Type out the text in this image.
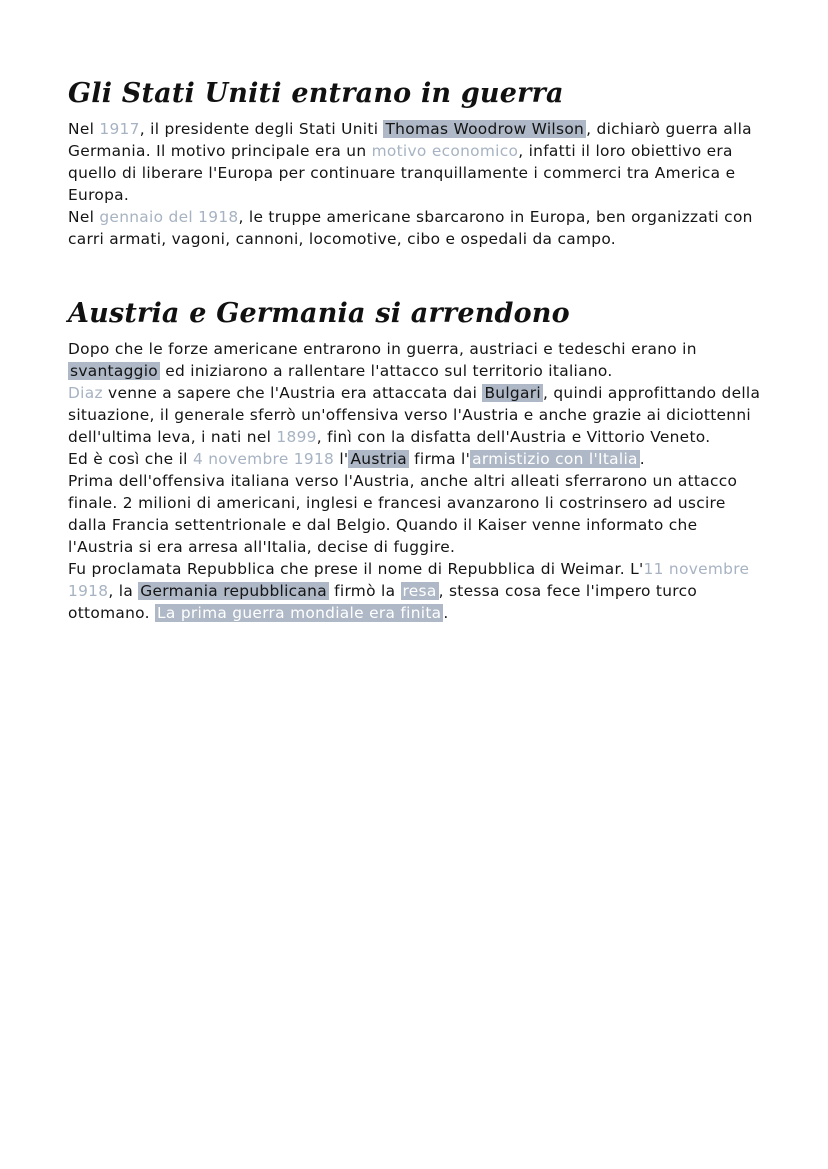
Gli Stati Uniti entrano in guerra

Nel 1917, il presidente degli Stati Uniti Thomas Woodrow Wilson , dichiarò guerra alla Germania. Il motivo principale era un motivo economico, infatti il loro obiettivo era quello di liberare l'Europa per continuare tranquillamente i commerci tra America e Europa.

Nel gennaio del 1918, le truppe americane sbarcarono in Europa, ben organizzati con carri armati, vagoni, cannoni, locomotive, cibo e ospedali da campo.

Austria e Germania si arrendono

Dopo che le forze americane entrarono in guerra, austriaci e tedeschi erano in svantaggio ed iniziarono a rallentare l'attacco sul territorio italiano.

Diaz venne a sapere che l'Austria era attaccata dai Bulgari , quindi approfittando della situazione, il generale sferrò un'offensiva verso l'Austria e anche grazie ai diciottenni dell'ultima leva, i nati nel 1899, finì con la disfatta dell'Austria e Vittorio Veneto.

Ed è così che il 4 novembre 1918 l' Austria firma l' armistizio con l'Italia .

Prima dell'offensiva italiana verso l'Austria, anche altri alleati sferrarono un attacco finale. 2 milioni di americani, inglesi e francesi avanzarono li costrinsero ad uscire dalla Francia settentrionale e dal Belgio. Quando il Kaiser venne informato che l'Austria si era arresa all'Italia, decise di fuggire.

Fu proclamata Repubblica che prese il nome di Repubblica di Weimar. L'11 novembre 1918, la Germania repubblicana firmò la resa , stessa cosa fece l'impero turco ottomano. La prima guerra mondiale era finita .
